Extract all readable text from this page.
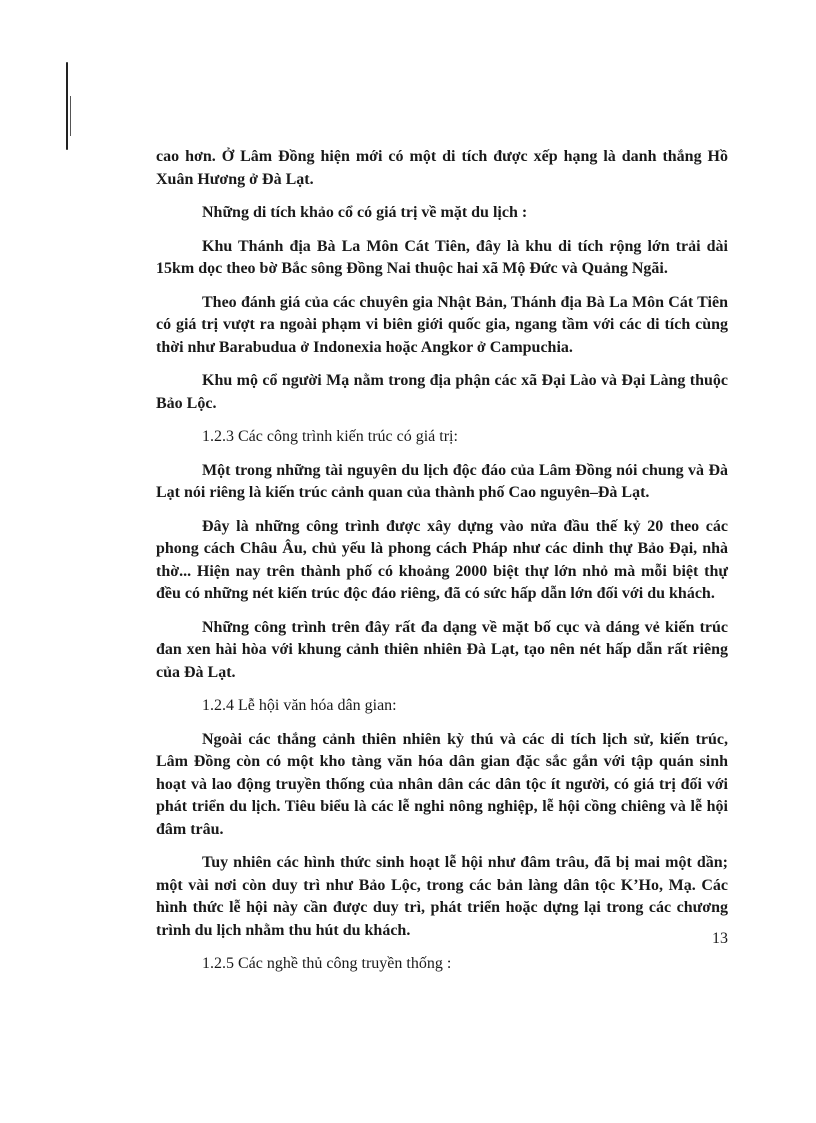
cao hơn. Ở Lâm Đồng hiện mới có một di tích được xếp hạng là danh thắng Hồ Xuân Hương ở Đà Lạt.

Những di tích khảo cổ có giá trị về mặt du lịch :

Khu Thánh địa Bà La Môn Cát Tiên, đây là khu di tích rộng lớn trải dài 15km dọc theo bờ Bắc sông Đồng Nai thuộc hai xã Mộ Đức và Quảng Ngãi.

Theo đánh giá của các chuyên gia Nhật Bản, Thánh địa Bà La Môn Cát Tiên có giá trị vượt ra ngoài phạm vi biên giới quốc gia, ngang tầm với các di tích cùng thời như Barabudua ở Indonexia hoặc Angkor ở Campuchia.

Khu mộ cổ người Mạ nằm trong địa phận các xã Đại Lào và Đại Làng thuộc Bảo Lộc.

1.2.3 Các công trình kiến trúc có giá trị:

Một trong những tài nguyên du lịch độc đáo của Lâm Đồng nói chung và Đà Lạt nói riêng là kiến trúc cảnh quan của thành phố Cao nguyên–Đà Lạt.

Đây là những công trình được xây dựng vào nửa đầu thế kỷ 20 theo các phong cách Châu Âu, chủ yếu là phong cách Pháp như các dinh thự Bảo Đại, nhà thờ... Hiện nay trên thành phố có khoảng 2000 biệt thự lớn nhỏ mà mỗi biệt thự đều có những nét kiến trúc độc đáo riêng, đã có sức hấp dẫn lớn đối với du khách.

Những công trình trên đây rất đa dạng về mặt bố cục và dáng vẻ kiến trúc đan xen hài hòa với khung cảnh thiên nhiên Đà Lạt, tạo nên nét hấp dẫn rất riêng của Đà Lạt.

1.2.4 Lễ hội văn hóa dân gian:

Ngoài các thắng cảnh thiên nhiên kỳ thú và các di tích lịch sử, kiến trúc, Lâm Đồng còn có một kho tàng văn hóa dân gian đặc sắc gắn với tập quán sinh hoạt và lao động truyền thống của nhân dân các dân tộc ít người, có giá trị đối với phát triển du lịch. Tiêu biểu là các lễ nghi nông nghiệp, lễ hội cồng chiêng và lễ hội đâm trâu.

Tuy nhiên các hình thức sinh hoạt lễ hội như đâm trâu, đã bị mai một dần; một vài nơi còn duy trì như Bảo Lộc, trong các bản làng dân tộc K’Ho, Mạ. Các hình thức lễ hội này cần được duy trì, phát triển hoặc dựng lại trong các chương trình du lịch nhằm thu hút du khách.

1.2.5 Các nghề thủ công truyền thống :

13
